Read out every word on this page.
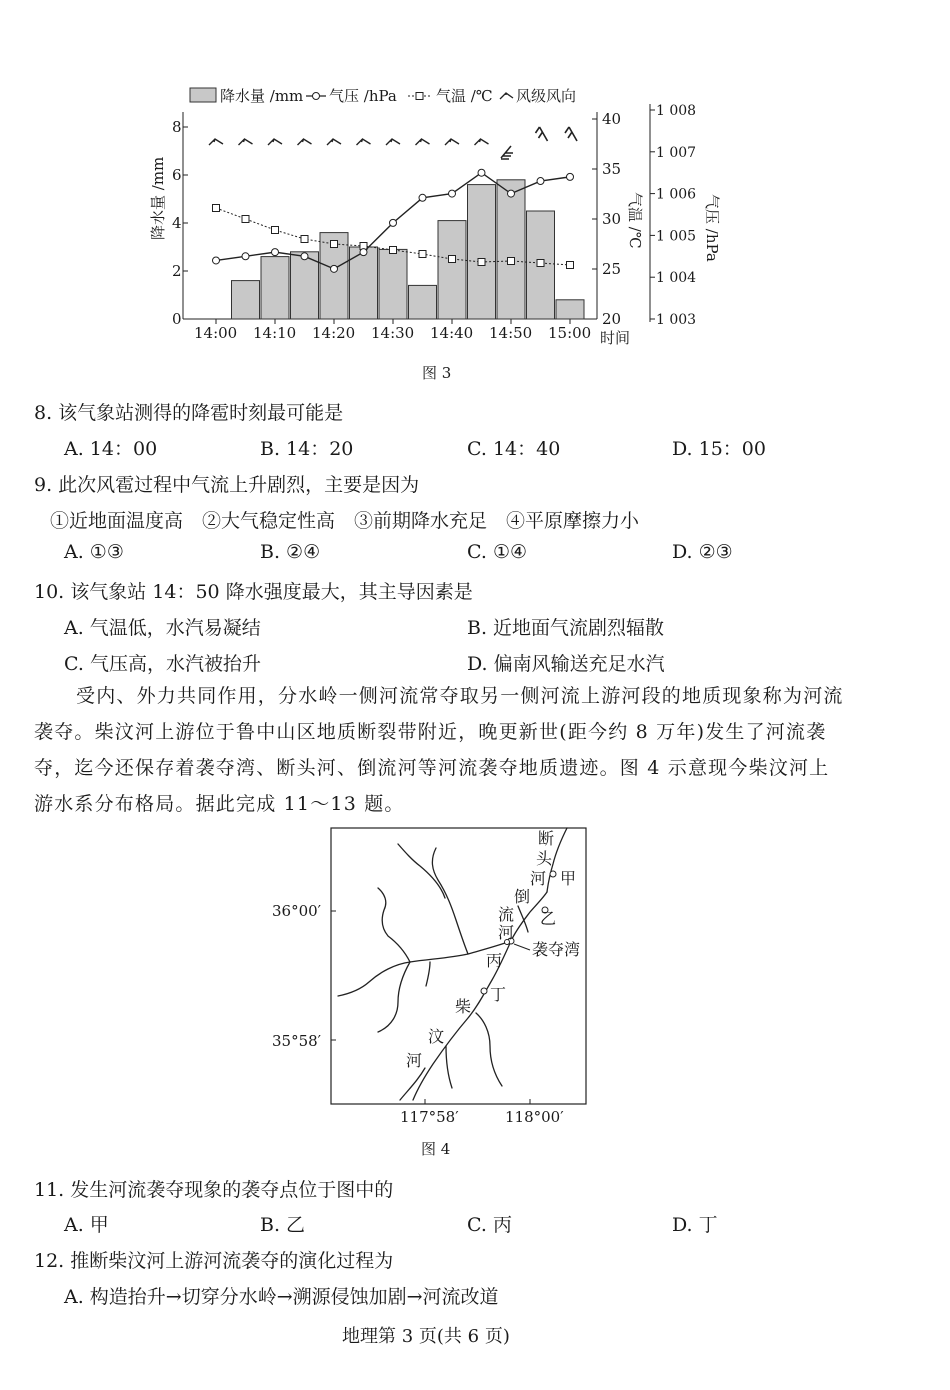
降水量 /mm 气压 /hPa	气温 /℃ 风级风向
降水量 /mm	气温 /℃	气压 /hPa
时间
0
2
4
6
8
20
25
30
35
40
1 003
1 004
1 005
1 006
1 007
1 008
14:00 14:10 14:20 14:30 14:40 14:50 15:00
图 3
8. 该气象站测得的降雹时刻最可能是
A. 14：00	B. 14：20	C. 14：40	D. 15：00
9. 此次风雹过程中气流上升剧烈，主要是因为
①近地面温度高　②大气稳定性高　③前期降水充足　④平原摩擦力小
A. ①③	B. ②④	C. ①④	D. ②③
10. 该气象站 14：50 降水强度最大，其主导因素是
A. 气温低，水汽易凝结	B. 近地面气流剧烈辐散
C. 气压高，水汽被抬升	D. 偏南风输送充足水汽
受内、外力共同作用，分水岭一侧河流常夺取另一侧河流上游河段的地质现象称为河流袭夺。柴汶河上游位于鲁中山区地质断裂带附近，晚更新世(距今约 8 万年)发生了河流袭夺，迄今还保存着袭夺湾、断头河、倒流河等河流袭夺地质遗迹。图 4 示意现今柴汶河上游水系分布格局。据此完成 11～13 题。
36°00′
35°58′
117°58′	118°00′
断
头
河 甲
倒
流 乙
河
袭夺湾
丙
丁
柴
汶
河
图 4
11. 发生河流袭夺现象的袭夺点位于图中的
A. 甲	B. 乙	C. 丙	D. 丁
12. 推断柴汶河上游河流袭夺的演化过程为
A. 构造抬升→切穿分水岭→溯源侵蚀加剧→河流改道
地理第 3 页(共 6 页)
